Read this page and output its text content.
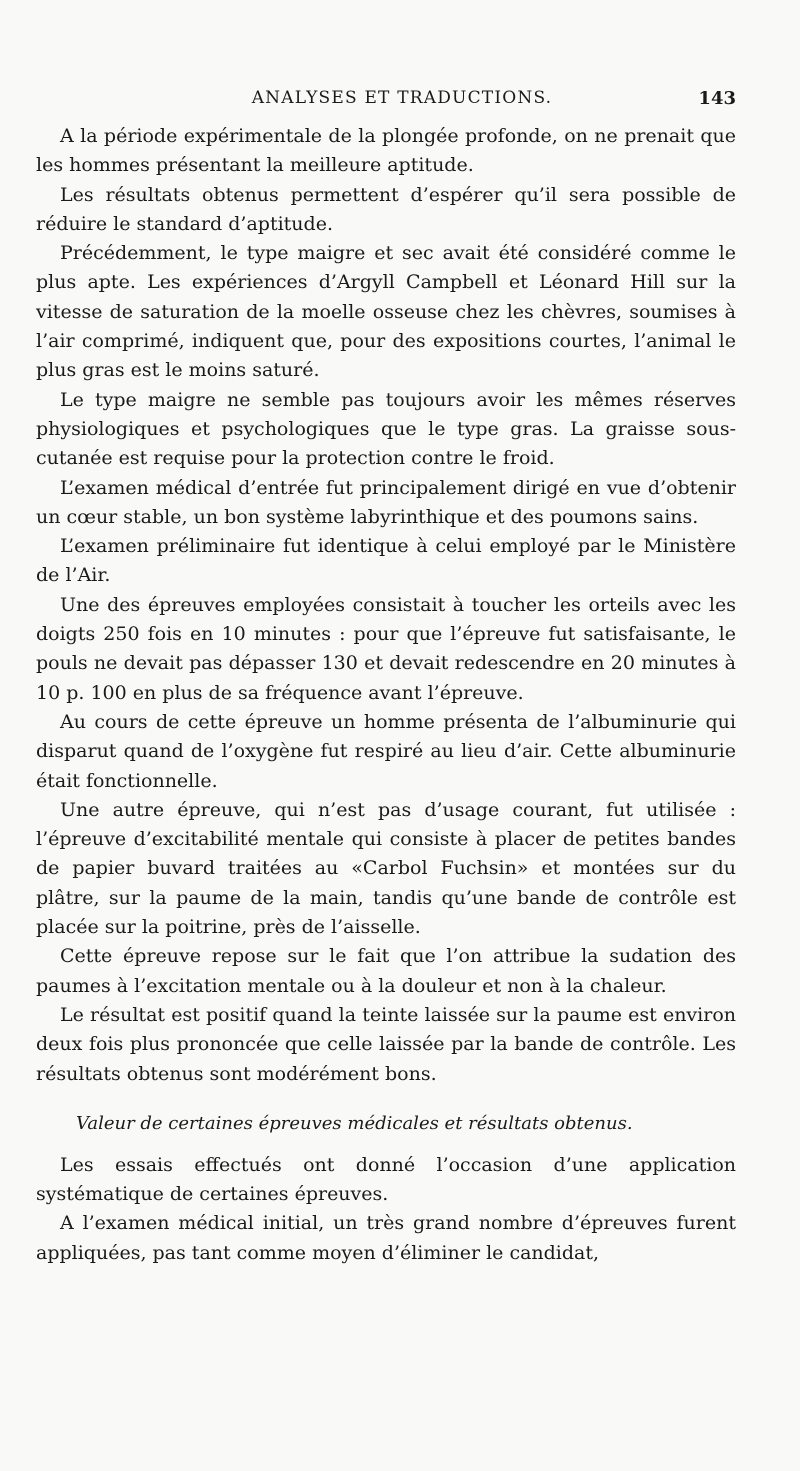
ANALYSES ET TRADUCTIONS.	143

A la période expérimentale de la plongée profonde, on ne prenait que les hommes présentant la meilleure aptitude.

Les résultats obtenus permettent d’espérer qu’il sera possible de réduire le standard d’aptitude.

Précédemment, le type maigre et sec avait été considéré comme le plus apte. Les expériences d’Argyll Campbell et Léonard Hill sur la vitesse de saturation de la moelle osseuse chez les chèvres, soumises à l’air comprimé, indiquent que, pour des expositions courtes, l’animal le plus gras est le moins saturé.

Le type maigre ne semble pas toujours avoir les mêmes réserves physiologiques et psychologiques que le type gras. La graisse sous-cutanée est requise pour la protection contre le froid.

L’examen médical d’entrée fut principalement dirigé en vue d’obtenir un cœur stable, un bon système labyrinthique et des poumons sains.

L’examen préliminaire fut identique à celui employé par le Ministère de l’Air.

Une des épreuves employées consistait à toucher les orteils avec les doigts 250 fois en 10 minutes : pour que l’épreuve fut satisfaisante, le pouls ne devait pas dépasser 130 et devait redescendre en 20 minutes à 10 p. 100 en plus de sa fréquence avant l’épreuve.

Au cours de cette épreuve un homme présenta de l’albuminurie qui disparut quand de l’oxygène fut respiré au lieu d’air. Cette albuminurie était fonctionnelle.

Une autre épreuve, qui n’est pas d’usage courant, fut utilisée : l’épreuve d’excitabilité mentale qui consiste à placer de petites bandes de papier buvard traitées au «Carbol Fuchsin» et montées sur du plâtre, sur la paume de la main, tandis qu’une bande de contrôle est placée sur la poitrine, près de l’aisselle.

Cette épreuve repose sur le fait que l’on attribue la sudation des paumes à l’excitation mentale ou à la douleur et non à la chaleur.

Le résultat est positif quand la teinte laissée sur la paume est environ deux fois plus prononcée que celle laissée par la bande de contrôle. Les résultats obtenus sont modérément bons.

Valeur de certaines épreuves médicales et résultats obtenus.

Les essais effectués ont donné l’occasion d’une application systématique de certaines épreuves.

A l’examen médical initial, un très grand nombre d’épreuves furent appliquées, pas tant comme moyen d’éliminer le candidat,
